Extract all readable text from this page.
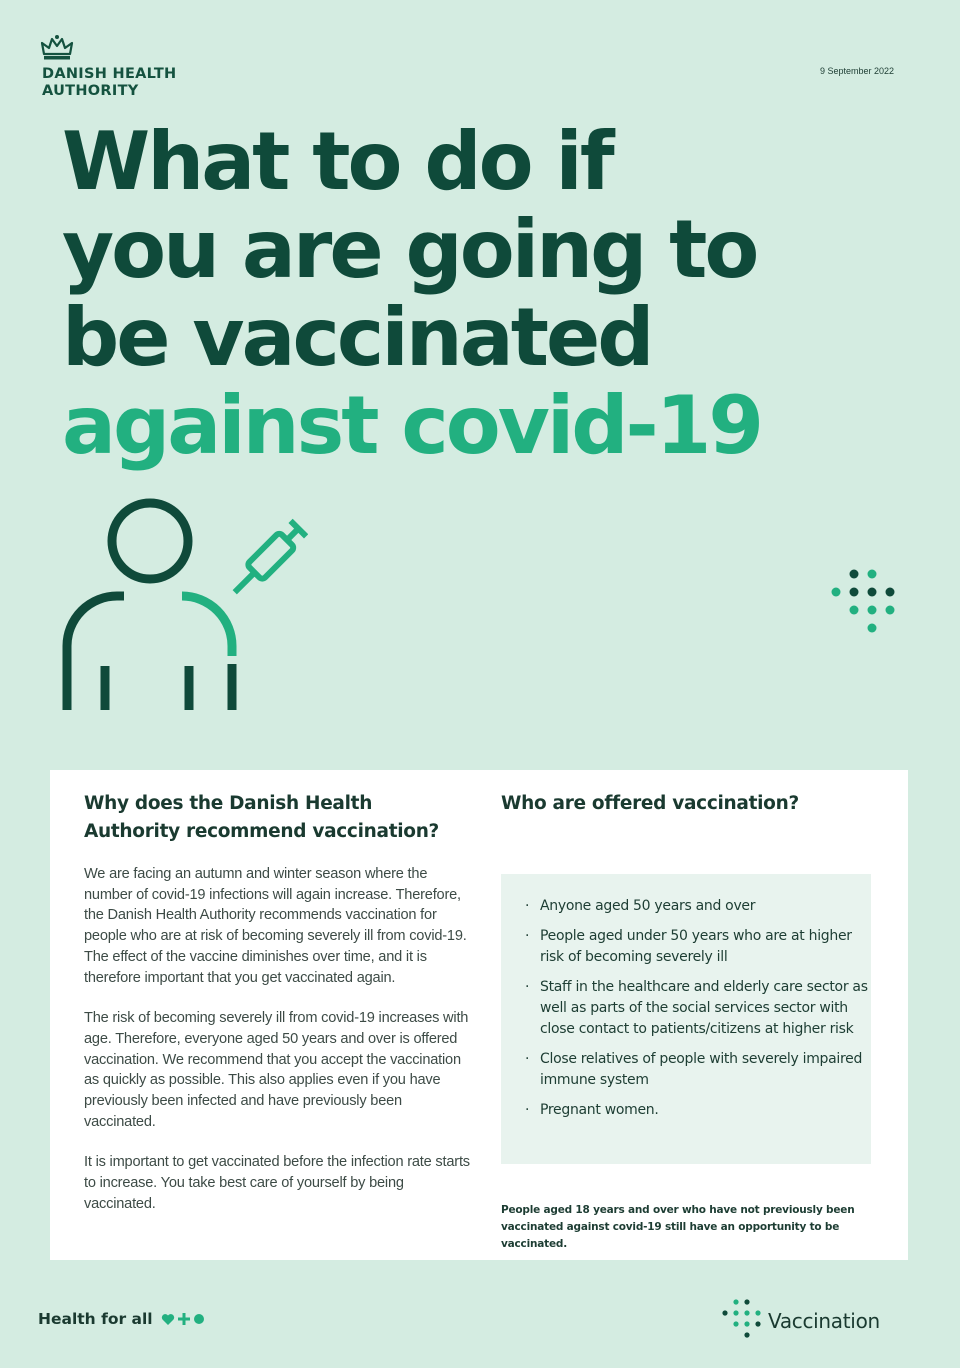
DANISH HEALTH
AUTHORITY
9 September 2022
What to do if
you are going to
be vaccinated
against covid-19
Why does the Danish Health Authority recommend vaccination?

We are facing an autumn and winter season where the number of covid-19 infections will again increase. Therefore, the Danish Health Authority recommends vaccination for people who are at risk of becoming severely ill from covid-19. The effect of the vaccine diminishes over time, and it is therefore important that you get vaccinated again.

The risk of becoming severely ill from covid-19 increases with age. Therefore, everyone aged 50 years and over is offered vaccination. We recommend that you accept the vaccination as quickly as possible. This also applies even if you have previously been infected and have previously been vaccinated.

It is important to get vaccinated before the infection rate starts to increase. You take best care of yourself by being vaccinated.

Who are offered vaccination?
· Anyone aged 50 years and over
· People aged under 50 years who are at higher risk of becoming severely ill
· Staff in the healthcare and elderly care sector as well as parts of the social services sector with close contact to patients/citizens at higher risk
· Close relatives of people with severely impaired immune system
· Pregnant women.

People aged 18 years and over who have not previously been vaccinated against covid-19 still have an opportunity to be vaccinated.

Health for all	Vaccination
